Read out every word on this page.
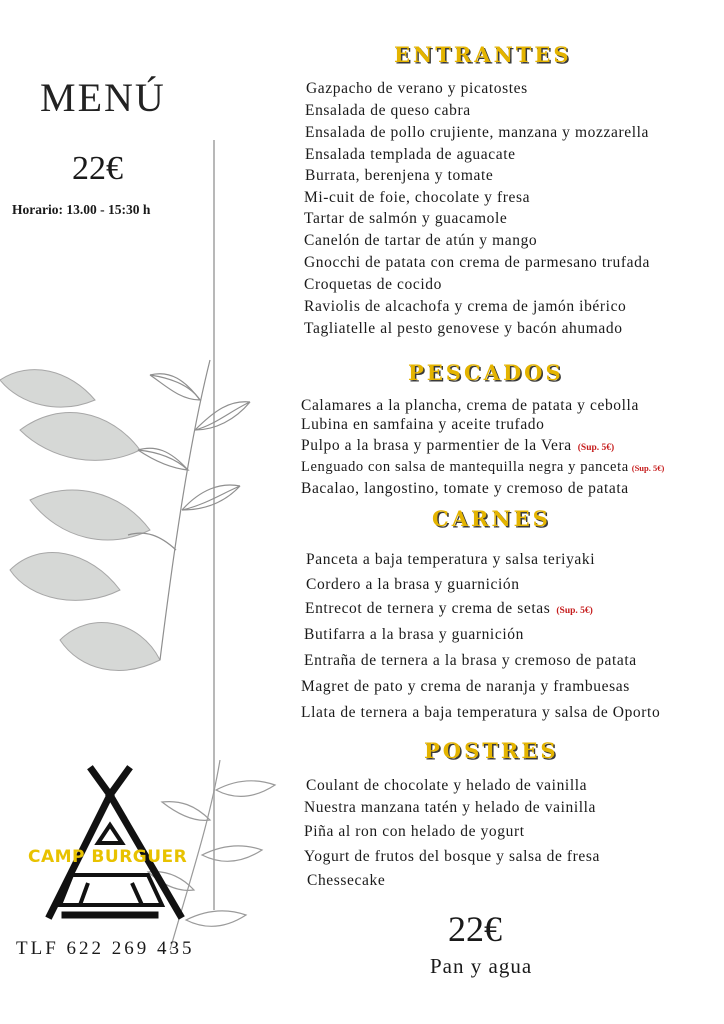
MENÚ
22€
Horario: 13.00 - 15:30 h
CAMP BURGUER
TLF 622 269 435
ENTRANTES
Gazpacho de verano y picatostes
Ensalada de queso cabra
Ensalada de pollo crujiente, manzana y mozzarella
Ensalada templada de aguacate
Burrata, berenjena y tomate
Mi-cuit de foie, chocolate y fresa
Tartar de salmón y guacamole
Canelón de tartar de atún y mango
Gnocchi de patata con crema de parmesano trufada
Croquetas de cocido
Raviolis de alcachofa y crema de jamón ibérico
Tagliatelle al pesto genovese y bacón ahumado
PESCADOS
Calamares a la plancha, crema de patata y cebolla
Lubina en samfaina y aceite trufado
Pulpo a la brasa y parmentier de la Vera (Sup. 5€)
Lenguado con salsa de mantequilla negra y panceta (Sup. 5€)
Bacalao, langostino, tomate y cremoso de patata
CARNES
Panceta a baja temperatura y salsa teriyaki
Cordero a la brasa y guarnición
Entrecot de ternera y crema de setas (Sup. 5€)
Butifarra a la brasa y guarnición
Entraña de ternera a la brasa y cremoso de patata
Magret de pato y crema de naranja y frambuesas
Llata de ternera a baja temperatura y salsa de Oporto
POSTRES
Coulant de chocolate y helado de vainilla
Nuestra manzana tatén y helado de vainilla
Piña al ron con helado de yogurt
Yogurt de frutos del bosque y salsa de fresa
Chessecake
22€
Pan y agua
